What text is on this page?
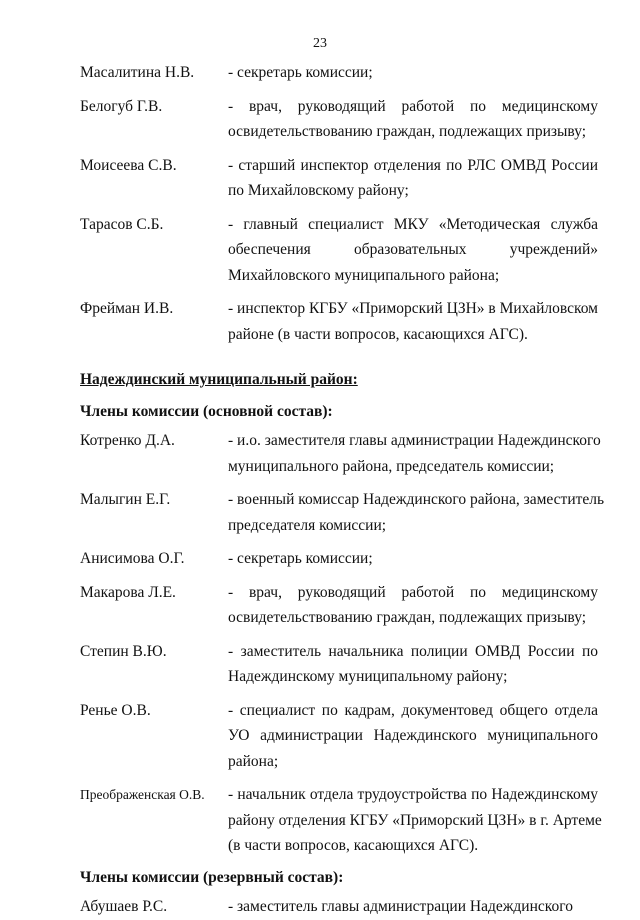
23
Масалитина Н.В.	- секретарь комиссии;
Белогуб Г.В.	- врач, руководящий работой по медицинскому
освидетельствованию граждан, подлежащих призыву;
Моисеева С.В.	- старший инспектор отделения по РЛС ОМВД России
по Михайловскому району;
Тарасов С.Б.	- главный специалист МКУ «Методическая служба
обеспечения образовательных учреждений»
Михайловского муниципального района;
Фрейман И.В.	- инспектор КГБУ «Приморский ЦЗН» в Михайловском
районе (в части вопросов, касающихся АГС).
Надеждинский муниципальный район:
Члены комиссии (основной состав):
Котренко Д.А.	- и.о. заместителя главы администрации Надеждинского
муниципального района, председатель комиссии;
Малыгин Е.Г.	- военный комиссар Надеждинского района, заместитель
председателя комиссии;
Анисимова О.Г.	- секретарь комиссии;
Макарова Л.Е.	- врач, руководящий работой по медицинскому
освидетельствованию граждан, подлежащих призыву;
Степин В.Ю.	- заместитель начальника полиции ОМВД России по
Надеждинскому муниципальному району;
Ренье О.В.	- специалист по кадрам, документовед общего отдела
УО администрации Надеждинского муниципального
района;
Преображенская О.В.	- начальник отдела трудоустройства по Надеждинскому
району отделения КГБУ «Приморский ЦЗН» в г. Артеме
(в части вопросов, касающихся АГС).
Члены комиссии (резервный состав):
Абушаев Р.С.	- заместитель главы администрации Надеждинского
